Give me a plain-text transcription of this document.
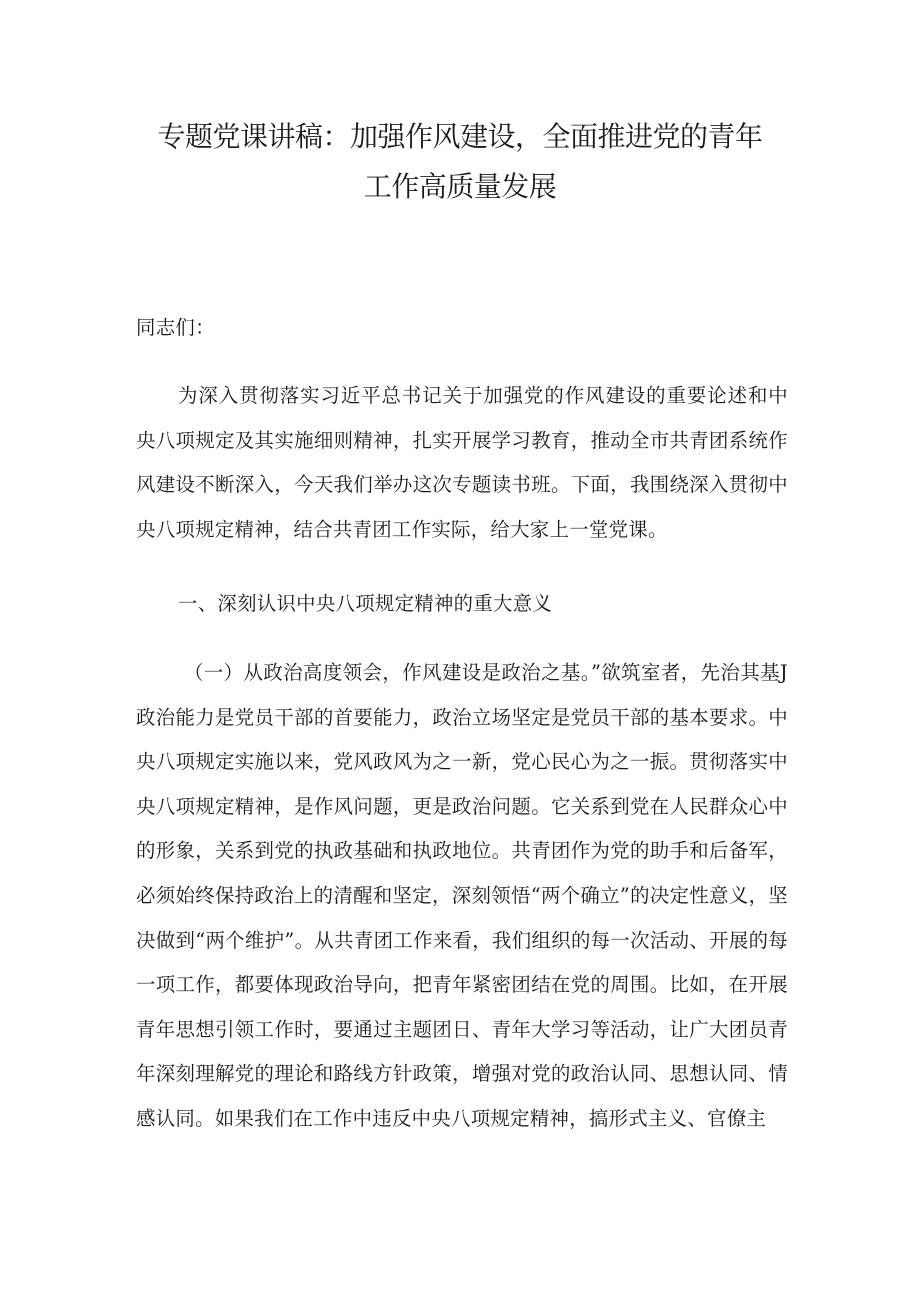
专题党课讲稿：加强作风建设，全面推进党的青年工作高质量发展

同志们：

为深入贯彻落实习近平总书记关于加强党的作风建设的重要论述和中央八项规定及其实施细则精神，扎实开展学习教育，推动全市共青团系统作风建设不断深入，今天我们举办这次专题读书班。下面，我围绕深入贯彻中央八项规定精神，结合共青团工作实际，给大家上一堂党课。

一、深刻认识中央八项规定精神的重大意义

（一）从政治高度领会，作风建设是政治之基。”欲筑室者，先治其基J政治能力是党员干部的首要能力，政治立场坚定是党员干部的基本要求。中央八项规定实施以来，党风政风为之一新，党心民心为之一振。贯彻落实中央八项规定精神，是作风问题，更是政治问题。它关系到党在人民群众心中的形象，关系到党的执政基础和执政地位。共青团作为党的助手和后备军，必须始终保持政治上的清醒和坚定，深刻领悟“两个确立”的决定性意义，坚决做到“两个维护”。从共青团工作来看，我们组织的每一次活动、开展的每一项工作，都要体现政治导向，把青年紧密团结在党的周围。比如，在开展青年思想引领工作时，要通过主题团日、青年大学习等活动，让广大团员青年深刻理解党的理论和路线方针政策，增强对党的政治认同、思想认同、情感认同。如果我们在工作中违反中央八项规定精神，搞形式主义、官僚主
